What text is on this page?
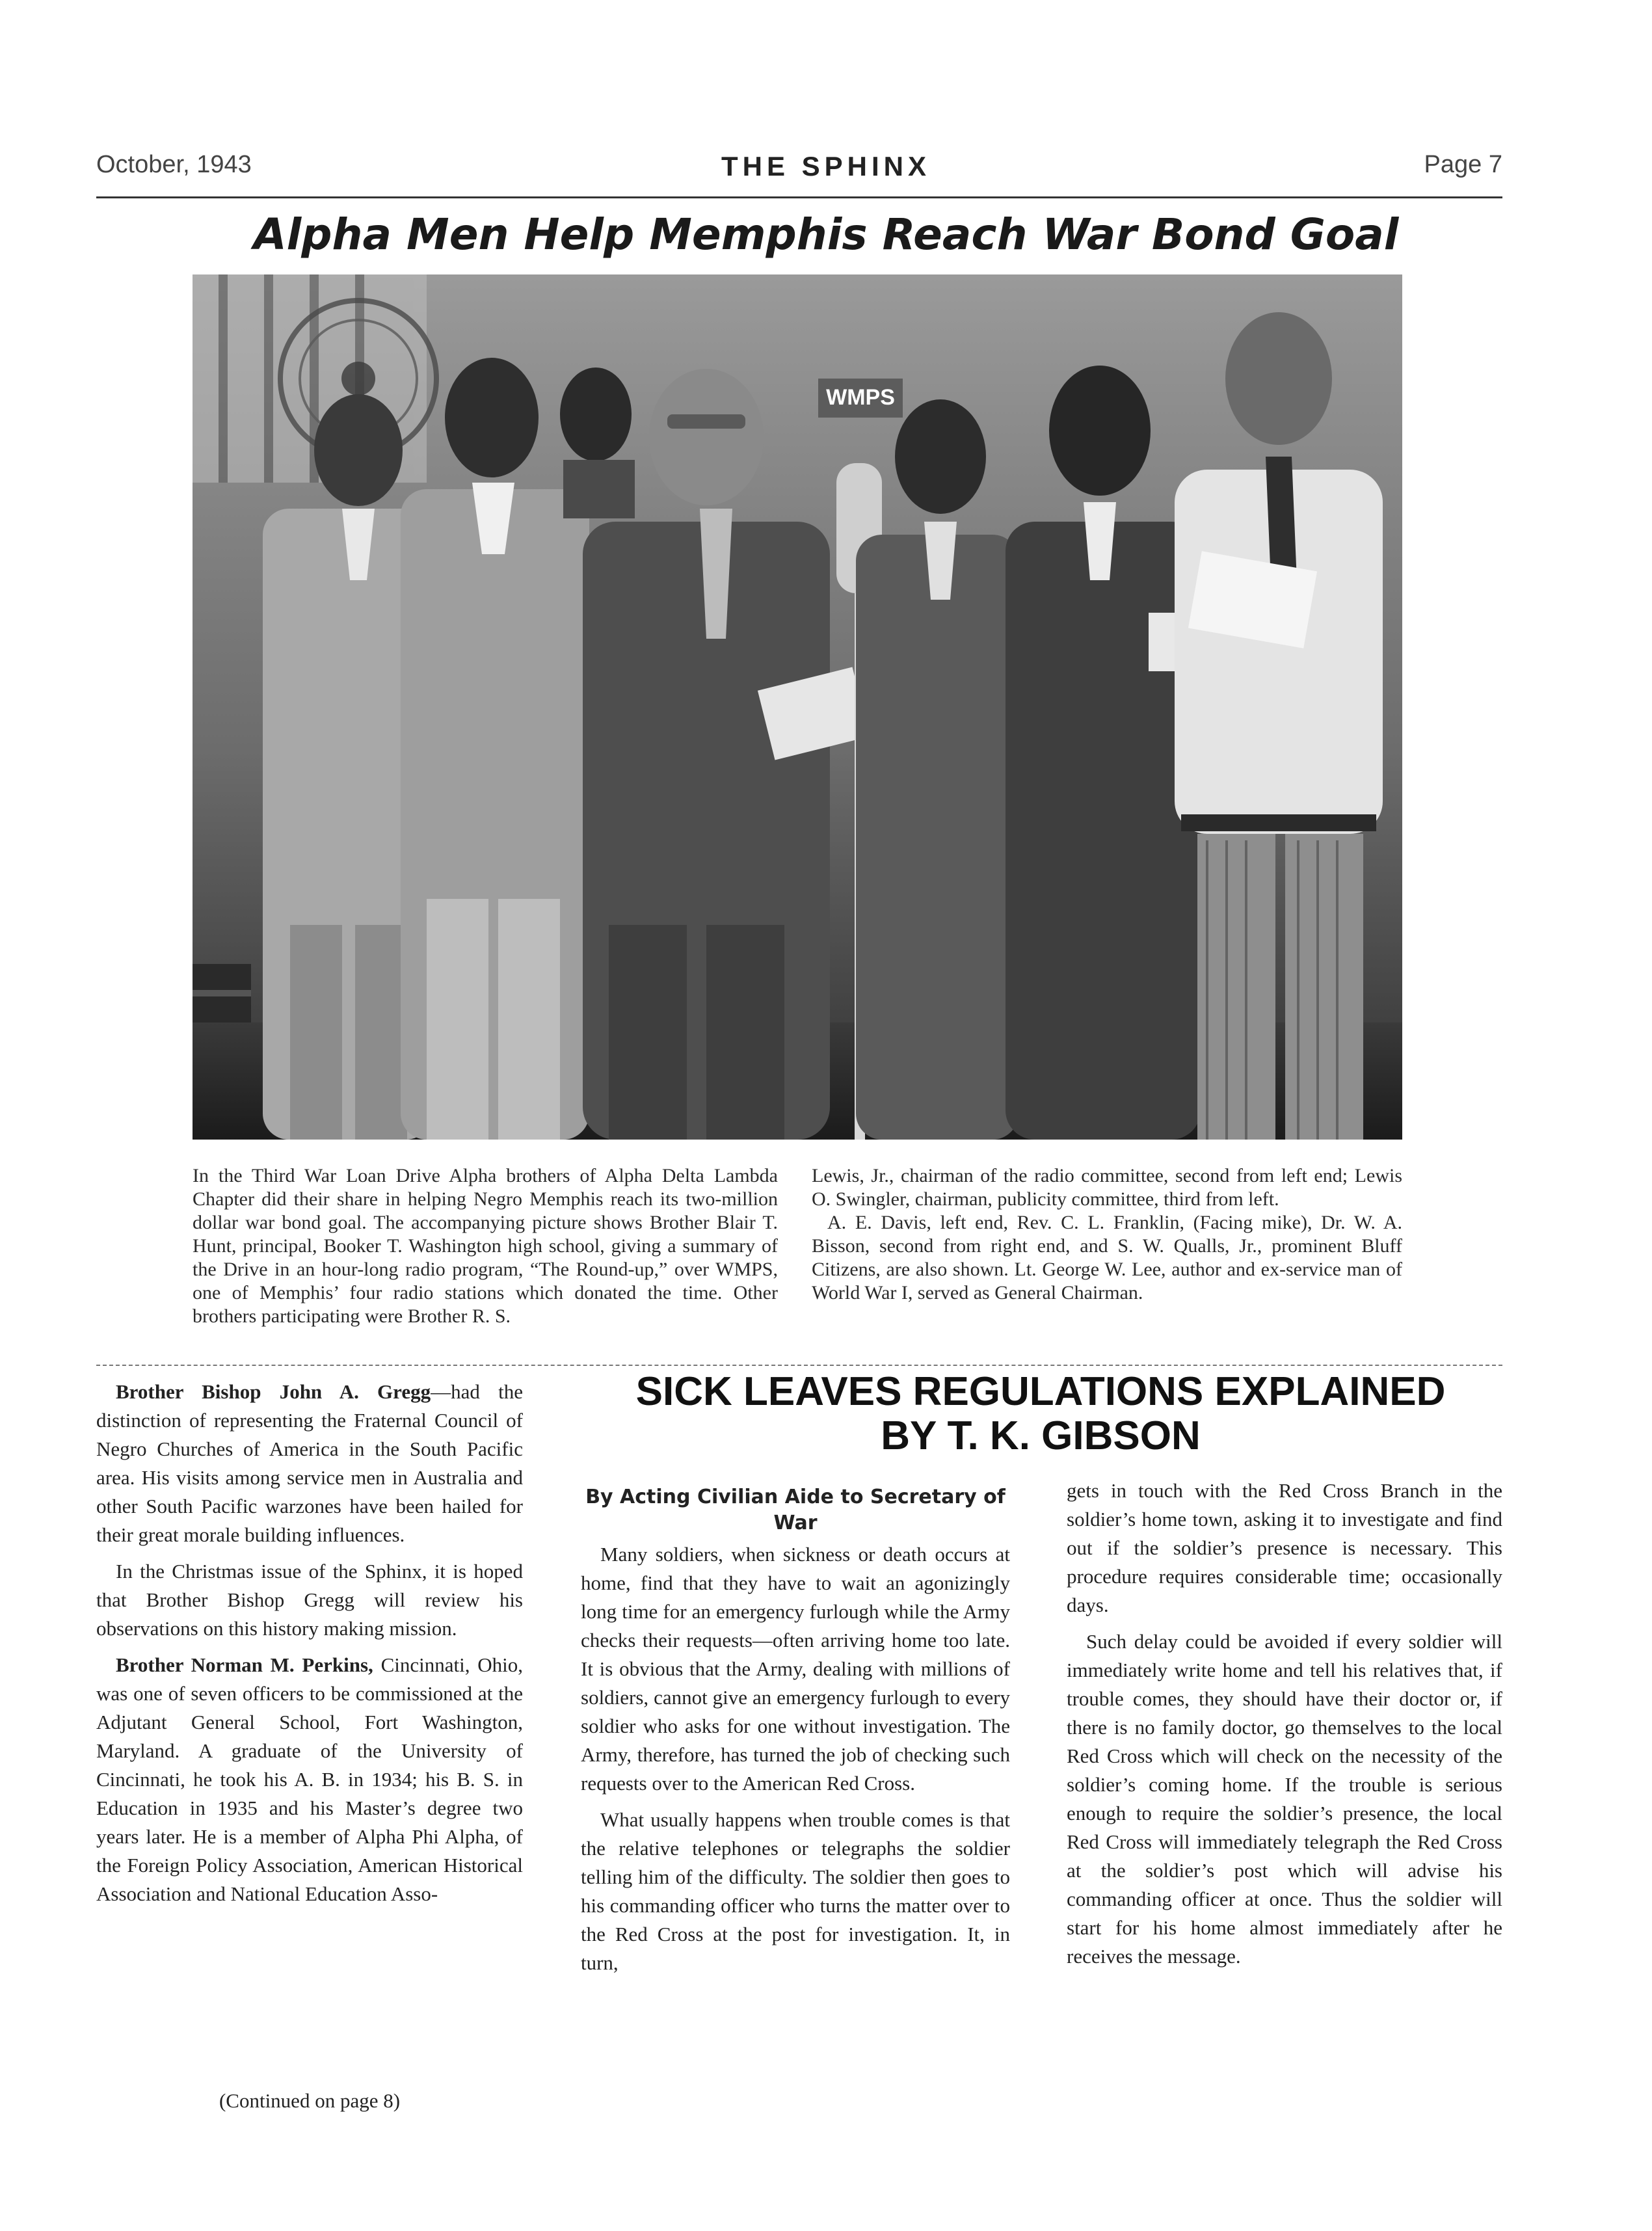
October, 1943	THE SPHINX	Page 7
Alpha Men Help Memphis Reach War Bond Goal
WMPS

In the Third War Loan Drive Alpha brothers of Alpha Delta Lambda Chapter did their share in helping Negro Memphis reach its two-million dollar war bond goal. The accompanying picture shows Brother Blair T. Hunt, principal, Booker T. Washington high school, giving a summary of the Drive in an hour-long radio program, “The Round-up,” over WMPS, one of Memphis’ four radio stations which donated the time. Other brothers participating were Brother R. S.

Lewis, Jr., chairman of the radio committee, second from left end; Lewis O. Swingler, chairman, publicity committee, third from left.

A. E. Davis, left end, Rev. C. L. Franklin, (Facing mike), Dr. W. A. Bisson, second from right end, and S. W. Qualls, Jr., prominent Bluff Citizens, are also shown. Lt. George W. Lee, author and ex-service man of World War I, served as General Chairman.

Brother Bishop John A. Gregg—had the distinction of representing the Fraternal Council of Negro Churches of America in the South Pacific area. His visits among service men in Australia and other South Pacific warzones have been hailed for their great morale building influences.

In the Christmas issue of the Sphinx, it is hoped that Brother Bishop Gregg will review his observations on this history making mission.

Brother Norman M. Perkins, Cincinnati, Ohio, was one of seven officers to be commissioned at the Adjutant General School, Fort Washington, Maryland. A graduate of the University of Cincinnati, he took his A. B. in 1934; his B. S. in Education in 1935 and his Master’s degree two years later. He is a member of Alpha Phi Alpha, of the Foreign Policy Association, American Historical Association and National Education Asso-

(Continued on page 8)
SICK LEAVES REGULATIONS EXPLAINED
BY T. K. GIBSON
By Acting Civilian Aide to Secretary of War

Many soldiers, when sickness or death occurs at home, find that they have to wait an agonizingly long time for an emergency furlough while the Army checks their requests—often arriving home too late. It is obvious that the Army, dealing with millions of soldiers, cannot give an emergency furlough to every soldier who asks for one without investigation. The Army, therefore, has turned the job of checking such requests over to the American Red Cross.

What usually happens when trouble comes is that the relative telephones or telegraphs the soldier telling him of the difficulty. The soldier then goes to his commanding officer who turns the matter over to the Red Cross at the post for investigation. It, in turn,

gets in touch with the Red Cross Branch in the soldier’s home town, asking it to investigate and find out if the soldier’s presence is necessary. This procedure requires considerable time; occasionally days.

Such delay could be avoided if every soldier will immediately write home and tell his relatives that, if trouble comes, they should have their doctor or, if there is no family doctor, go themselves to the local Red Cross which will check on the necessity of the soldier’s coming home. If the trouble is serious enough to require the soldier’s presence, the local Red Cross will immediately telegraph the Red Cross at the soldier’s post which will advise his commanding officer at once. Thus the soldier will start for his home almost immediately after he receives the message.
